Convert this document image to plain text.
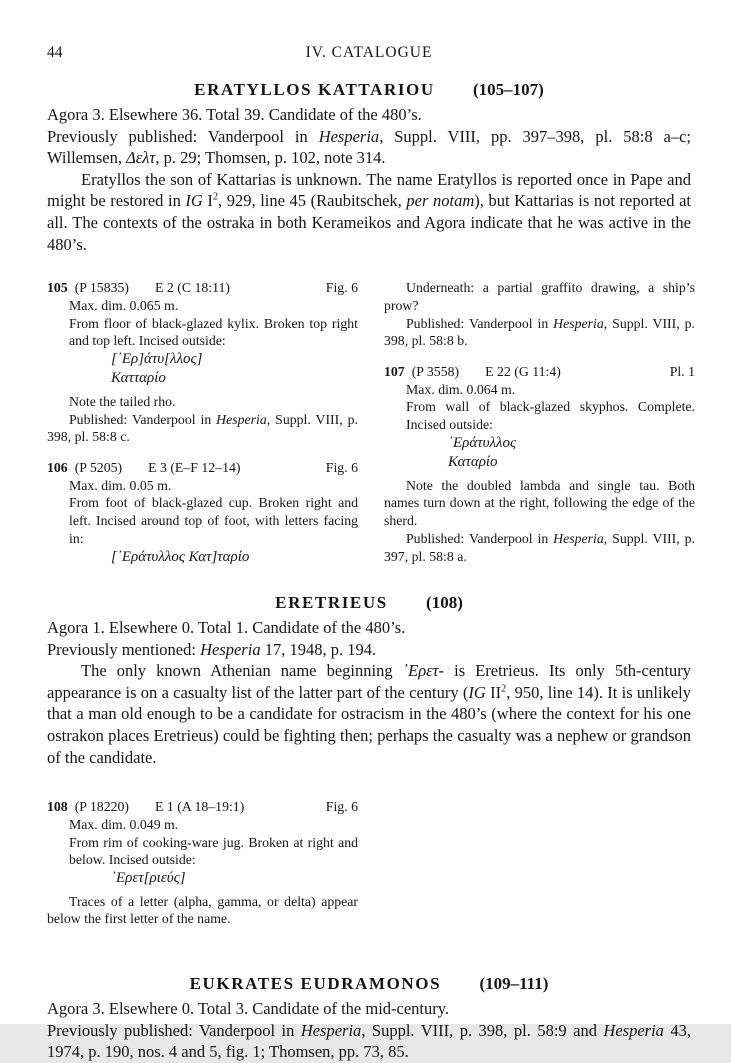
44	IV. CATALOGUE
ERATYLLOS KATTARIOU (105–107)

Agora 3. Elsewhere 36. Total 39. Candidate of the 480’s.

Previously published: Vanderpool in Hesperia, Suppl. VIII, pp. 397–398, pl. 58:8 a–c; Willemsen, Δελτ, p. 29; Thomsen, p. 102, note 314.

Eratyllos the son of Kattarias is unknown. The name Eratyllos is reported once in Pape and might be restored in IG $I^2$, 929, line 45 (Raubitschek, per notam), but Kattarias is not reported at all. The contexts of the ostraka in both Kerameikos and Agora indicate that he was active in the 480’s.

105 (P 15835) E 2 (C 18:11)	Fig. 6

Max. dim. 0.065 m.

From floor of black-glazed kylix. Broken top right and top left. Incised outside:

[᾿Ερ]άτυ[λλος]
Κατταρίο

Note the tailed rho.

Published: Vanderpool in Hesperia, Suppl. VIII, p. 398, pl. 58:8 c.

106 (P 5205) E 3 (E–F 12–14)	Fig. 6

Max. dim. 0.05 m.

From foot of black-glazed cup. Broken right and left. Incised around top of foot, with letters facing in:

[᾿Εράτυλλος Κατ]ταρίο

Underneath: a partial graffito drawing, a ship’s prow?

Published: Vanderpool in Hesperia, Suppl. VIII, p. 398, pl. 58:8 b.

107 (P 3558) E 22 (G 11:4)	Pl. 1

Max. dim. 0.064 m.

From wall of black-glazed skyphos. Complete. Incised outside:

᾿Εράτυλλος
Καταρίο

Note the doubled lambda and single tau. Both names turn down at the right, following the edge of the sherd.

Published: Vanderpool in Hesperia, Suppl. VIII, p. 397, pl. 58:8 a.

ERETRIEUS (108)

Agora 1. Elsewhere 0. Total 1. Candidate of the 480’s.

Previously mentioned: Hesperia 17, 1948, p. 194.

The only known Athenian name beginning ᾿Ερετ- is Eretrieus. Its only 5th-century appearance is on a casualty list of the latter part of the century (IG $II^2$, 950, line 14). It is unlikely that a man old enough to be a candidate for ostracism in the 480’s (where the context for his one ostrakon places Eretrieus) could be fighting then; perhaps the casualty was a nephew or grandson of the candidate.

108 (P 18220) E 1 (A 18–19:1)	Fig. 6

Max. dim. 0.049 m.

From rim of cooking-ware jug. Broken at right and below. Incised outside:

᾿Ερετ[ριεύς]

Traces of a letter (alpha, gamma, or delta) appear below the first letter of the name.

EUKRATES EUDRAMONOS (109–111)

Agora 3. Elsewhere 0. Total 3. Candidate of the mid-century.

Previously published: Vanderpool in Hesperia, Suppl. VIII, p. 398, pl. 58:9 and Hesperia 43, 1974, p. 190, nos. 4 and 5, fig. 1; Thomsen, pp. 73, 85.
